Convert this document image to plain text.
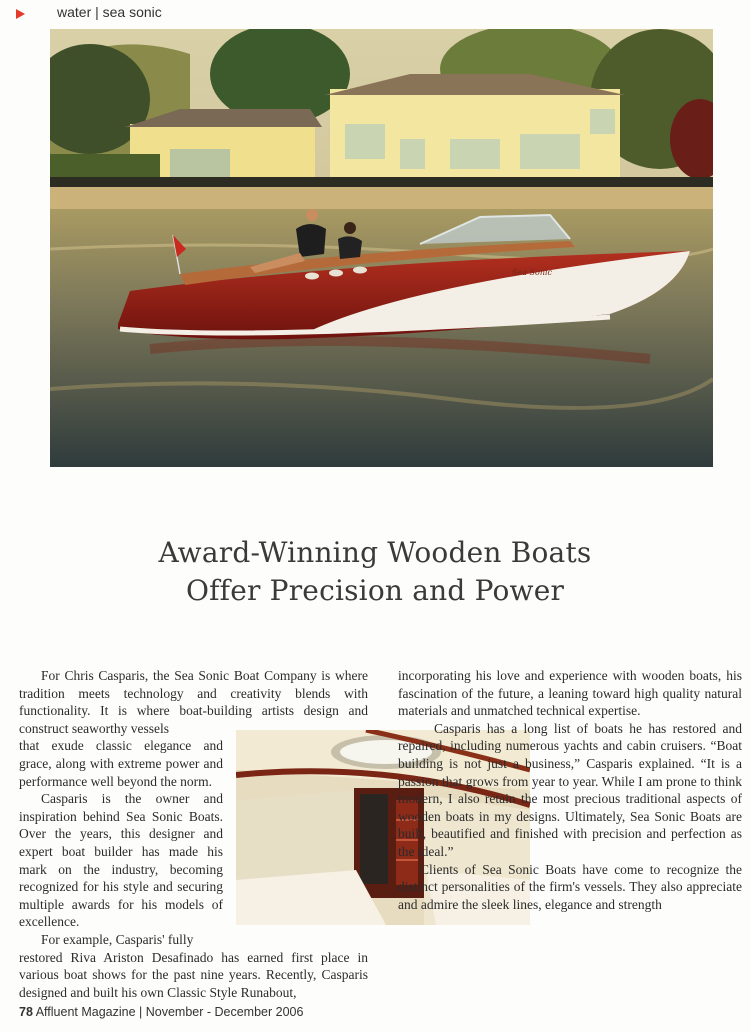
water | sea sonic
Sea Sonic
Award-Winning Wooden Boats
Offer Precision and Power

For Chris Casparis, the Sea Sonic Boat Company is where tradition meets technology and creativity blends with functionality. It is where boat-building artists design and construct seaworthy vessels

that exude classic elegance and grace, along with extreme power and performance well beyond the norm.

Casparis is the owner and inspiration behind Sea Sonic Boats. Over the years, this designer and expert boat builder has made his mark on the industry, becoming recognized for his style and securing multiple awards for his models of excellence.

For example, Casparis' fully

restored Riva Ariston Desafinado has earned first place in various boat shows for the past nine years. Recently, Casparis designed and built his own Classic Style Runabout,

incorporating his love and experience with wooden boats, his fascination of the future, a leaning toward high quality natural materials and unmatched technical expertise.

Casparis has a long list of boats he has restored and repaired, including numerous yachts and cabin cruisers. “Boat building is not just a business,” Casparis explained. “It is a passion that grows from year to year. While I am prone to think modern, I also retain the most precious traditional aspects of wooden boats in my designs. Ultimately, Sea Sonic Boats are built, beautified and finished with precision and perfection as the ideal.”

Clients of Sea Sonic Boats have come to recognize the distinct personalities of the firm's vessels. They also appreciate and admire the sleek lines, elegance and strength

78 Affluent Magazine | November - December 2006
